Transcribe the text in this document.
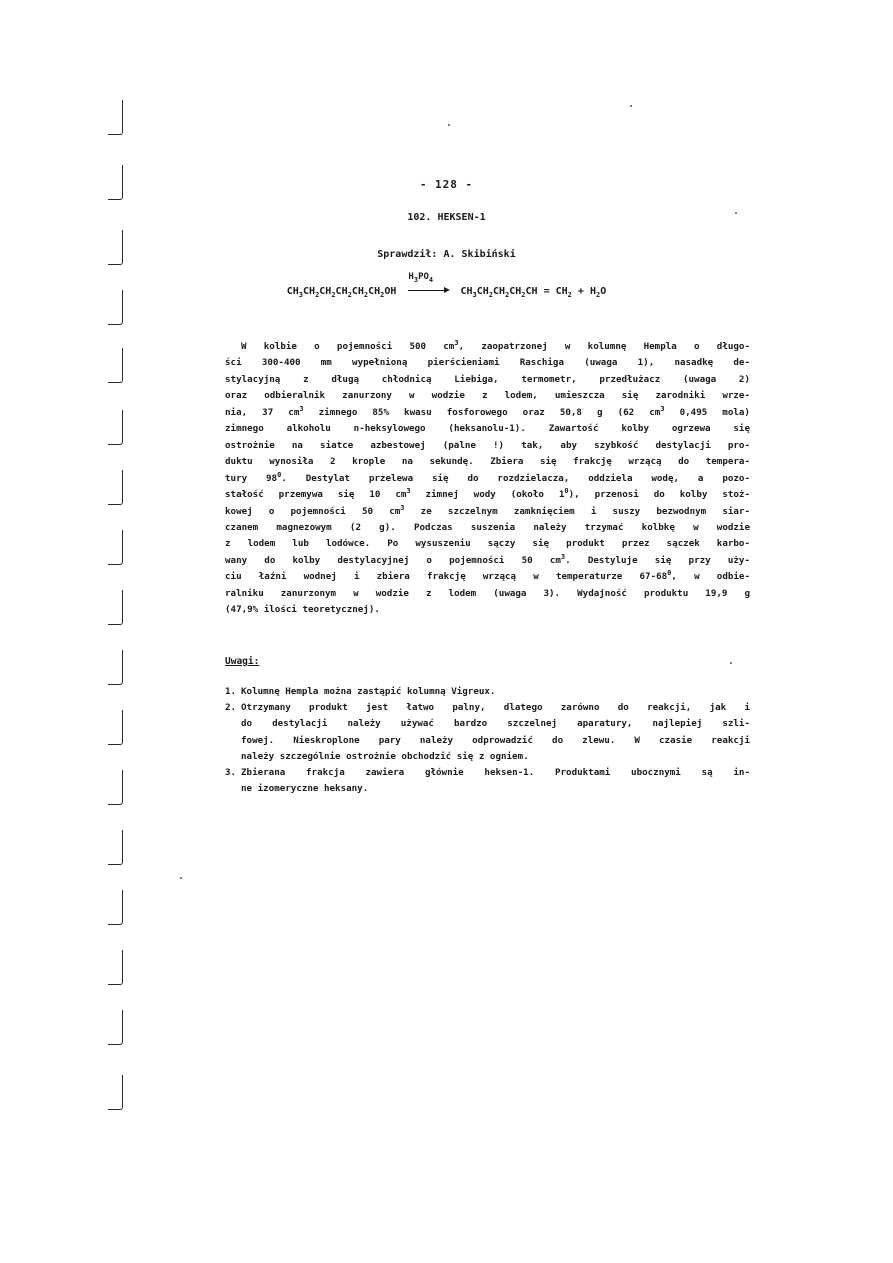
- 128 -
102. HEKSEN-1
Sprawdził: A. Skibiński
$CH_3CH_2CH_2CH_2CH_2CH_2OH$
$H_3PO_4$
$CH_3CH_2CH_2CH_2CH = CH_2 + H_2O$
W kolbie o pojemności 500 $cm^3$, zaopatrzonej w kolumnę Hempla o długo-
ści 300-400 mm wypełnioną pierścieniami Raschiga (uwaga 1), nasadkę de-
stylacyjną z długą chłodnicą Liebiga, termometr, przedłużacz (uwaga 2)
oraz odbieralnik zanurzony w wodzie z lodem, umieszcza się zarodniki wrze-
nia, 37 $cm^3$ zimnego 85% kwasu fosforowego oraz 50,8 g (62 $cm^3$ 0,495 mola)
zimnego alkoholu n-heksylowego (heksanolu-1). Zawartość kolby ogrzewa się
ostrożnie na siatce azbestowej (palne !) tak, aby szybkość destylacji pro-
duktu wynosiła 2 krople na sekundę. Zbiera się frakcję wrzącą do tempera-
tury $98^0$. Destylat przelewa się do rozdzielacza, oddziela wodę, a pozo-
stałość przemywa się 10 $cm^3$ zimnej wody (około $1^0$), przenosi do kolby stoż-
kowej o pojemności 50 $cm^3$ ze szczelnym zamknięciem i suszy bezwodnym siar-
czanem magnezowym (2 g). Podczas suszenia należy trzymać kolbkę w wodzie
z lodem lub lodówce. Po wysuszeniu sączy się produkt przez sączek karbo-
wany do kolby destylacyjnej o pojemności 50 $cm^3$. Destyluje się przy uży-
ciu łaźni wodnej i zbiera frakcję wrzącą w temperaturze $67-68^0$, w odbie-
ralniku zanurzonym w wodzie z lodem (uwaga 3). Wydajność produktu 19,9 g
(47,9% ilości teoretycznej).
Uwagi:
1. Kolumnę Hempla można zastąpić kolumną Vigreux.
2. Otrzymany produkt jest łatwo palny, dlatego zarówno do reakcji, jak i
do destylacji należy używać bardzo szczelnej aparatury, najlepiej szli-
fowej. Nieskroplone pary należy odprowadzić do zlewu. W czasie reakcji
należy szczególnie ostrożnie obchodzić się z ogniem.
3. Zbierana frakcja zawiera głównie heksen-1. Produktami ubocznymi są in-
ne izomeryczne heksany.
